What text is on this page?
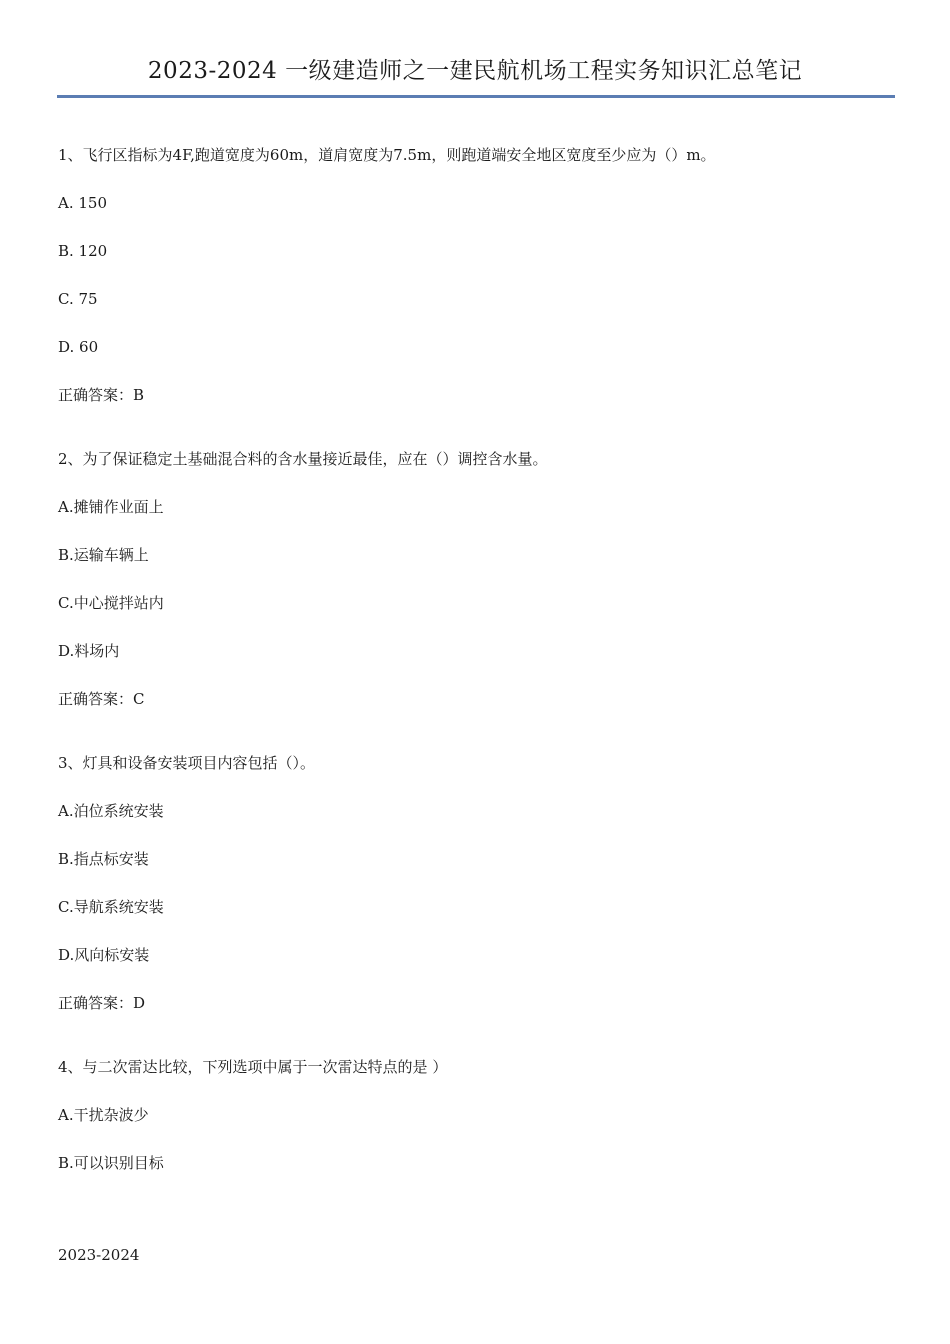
2023-2024 一级建造师之一建民航机场工程实务知识汇总笔记

1、飞行区指标为4F,跑道宽度为60m，道肩宽度为7.5m，则跑道端安全地区宽度至少应为（）m。

A. 150

B. 120

C. 75

D. 60

正确答案：B

2、为了保证稳定土基础混合料的含水量接近最佳，应在（）调控含水量。

A.摊铺作业面上

B.运输车辆上

C.中心搅拌站内

D.料场内

正确答案：C

3、灯具和设备安装项目内容包括（）。

A.泊位系统安装

B.指点标安装

C.导航系统安装

D.风向标安装

正确答案：D

4、与二次雷达比较，下列选项中属于一次雷达特点的是 ）

A.干扰杂波少

B.可以识别目标

2023-2024
